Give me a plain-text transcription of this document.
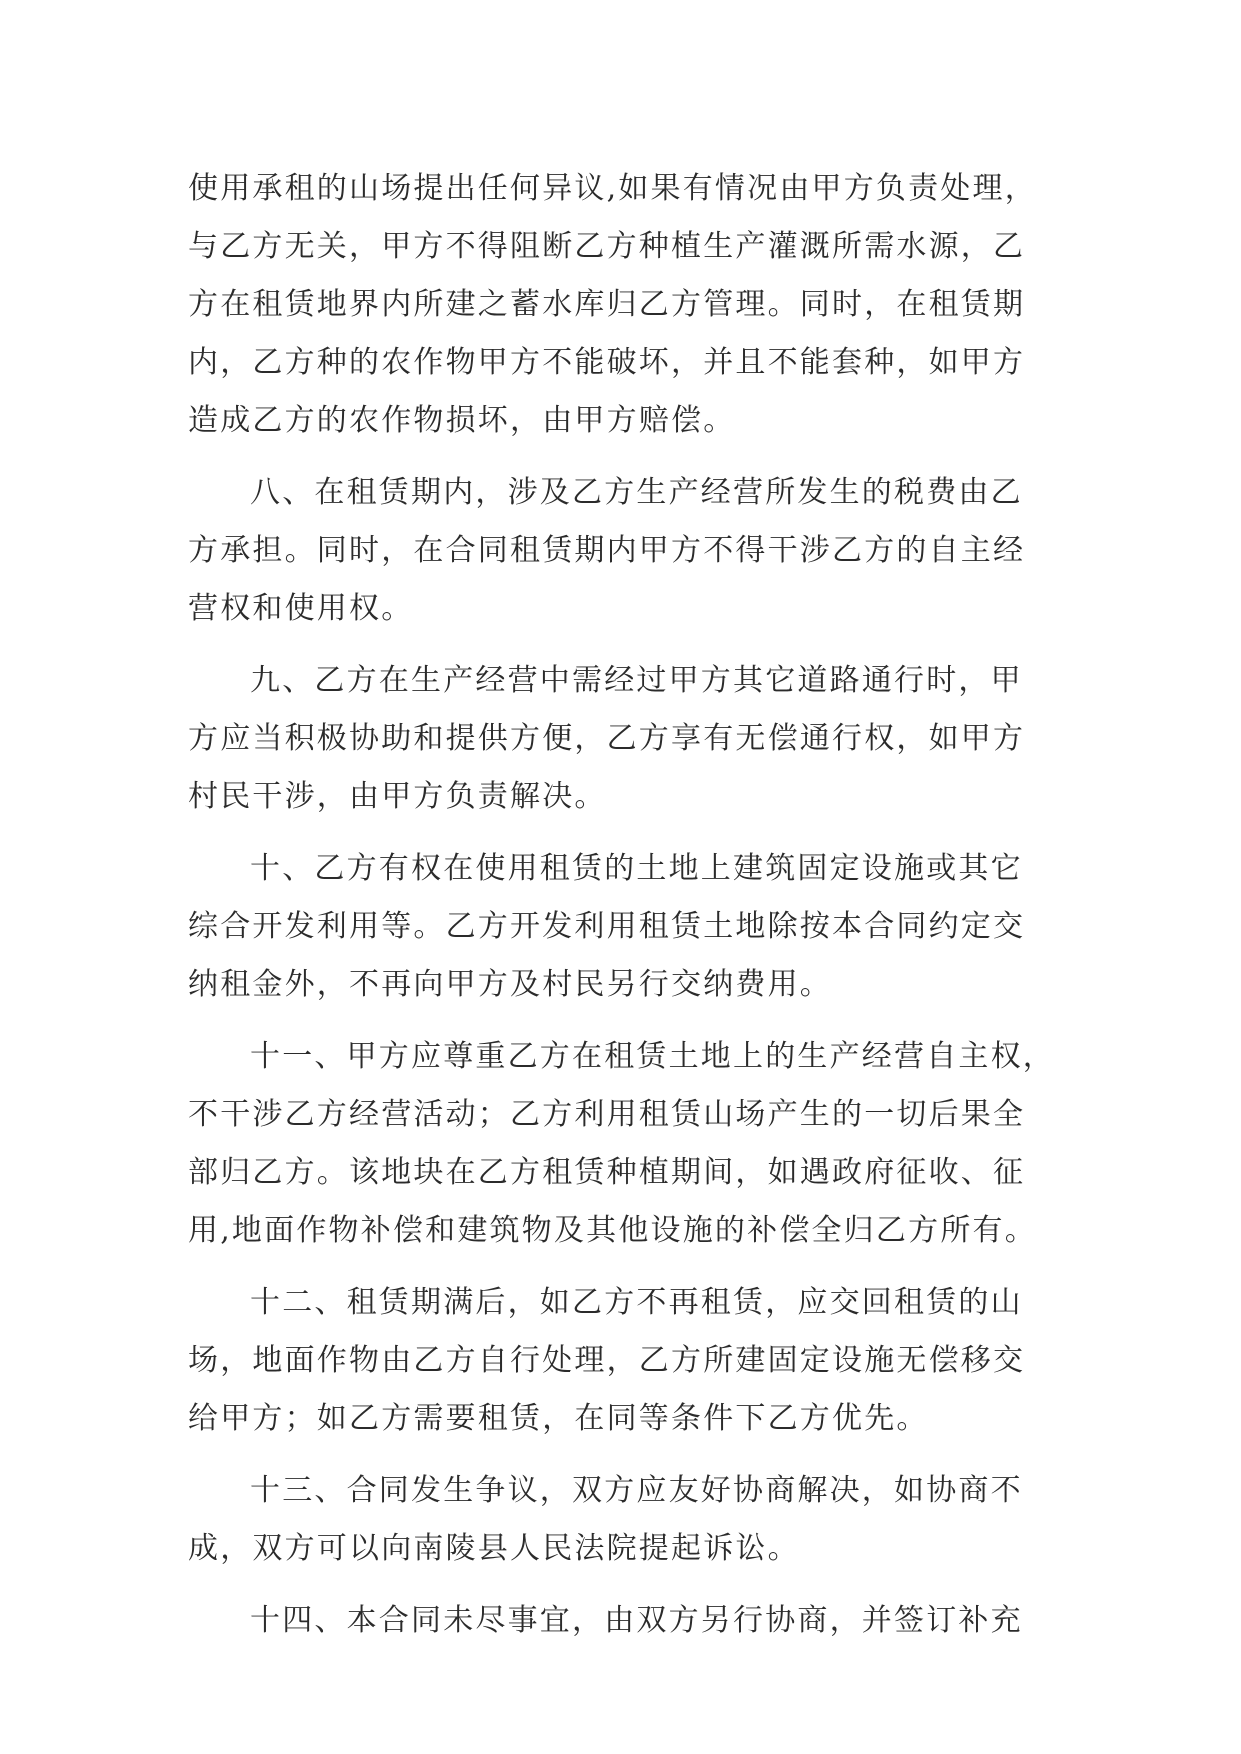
使用承租的山场提出任何异议,如果有情况由甲方负责处理，
与乙方无关，甲方不得阻断乙方种植生产灌溉所需水源，乙
方在租赁地界内所建之蓄水库归乙方管理。同时，在租赁期
内，乙方种的农作物甲方不能破坏，并且不能套种，如甲方
造成乙方的农作物损坏，由甲方赔偿。
八、在租赁期内，涉及乙方生产经营所发生的税费由乙
方承担。同时，在合同租赁期内甲方不得干涉乙方的自主经
营权和使用权。
九、乙方在生产经营中需经过甲方其它道路通行时，甲
方应当积极协助和提供方便，乙方享有无偿通行权，如甲方
村民干涉，由甲方负责解决。
十、乙方有权在使用租赁的土地上建筑固定设施或其它
综合开发利用等。乙方开发利用租赁土地除按本合同约定交
纳租金外，不再向甲方及村民另行交纳费用。
十一、甲方应尊重乙方在租赁土地上的生产经营自主权，
不干涉乙方经营活动；乙方利用租赁山场产生的一切后果全
部归乙方。该地块在乙方租赁种植期间，如遇政府征收、征
用,地面作物补偿和建筑物及其他设施的补偿全归乙方所有。
十二、租赁期满后，如乙方不再租赁，应交回租赁的山
场，地面作物由乙方自行处理，乙方所建固定设施无偿移交
给甲方；如乙方需要租赁，在同等条件下乙方优先。
十三、合同发生争议，双方应友好协商解决，如协商不
成，双方可以向南陵县人民法院提起诉讼。
十四、本合同未尽事宜，由双方另行协商，并签订补充
